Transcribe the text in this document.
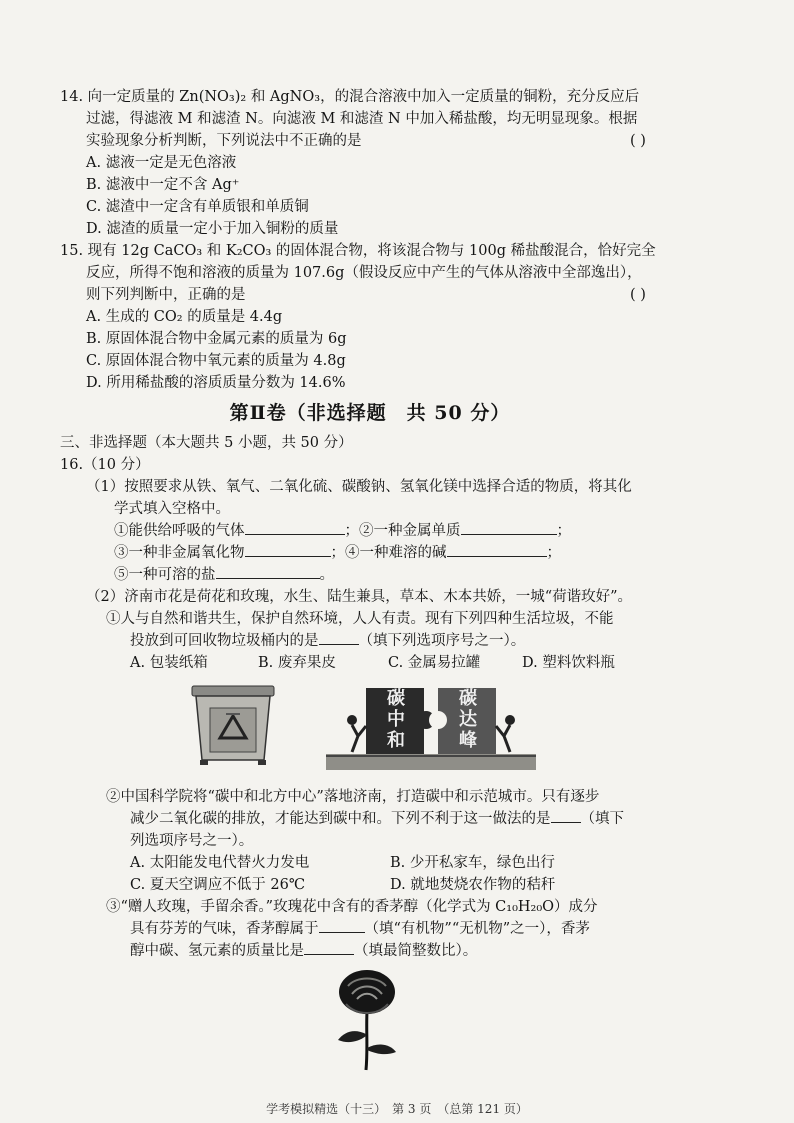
14. 向一定质量的 Zn(NO₃)₂ 和 AgNO₃，的混合溶液中加入一定质量的铜粉，充分反应后
过滤，得滤液 M 和滤渣 N。向滤液 M 和滤渣 N 中加入稀盐酸，均无明显现象。根据
实验现象分析判断，下列说法中不正确的是	( )
A. 滤液一定是无色溶液
B. 滤液中一定不含 Ag⁺
C. 滤渣中一定含有单质银和单质铜
D. 滤渣的质量一定小于加入铜粉的质量
15. 现有 12g CaCO₃ 和 K₂CO₃ 的固体混合物，将该混合物与 100g 稀盐酸混合，恰好完全
反应，所得不饱和溶液的质量为 107.6g（假设反应中产生的气体从溶液中全部逸出），
则下列判断中，正确的是	( )
A. 生成的 CO₂ 的质量是 4.4g
B. 原固体混合物中金属元素的质量为 6g
C. 原固体混合物中氧元素的质量为 4.8g
D. 所用稀盐酸的溶质质量分数为 14.6%
第Ⅱ卷（非选择题　共 50 分）
三、非选择题（本大题共 5 小题，共 50 分）
16.（10 分）
（1）按照要求从铁、氧气、二氧化硫、碳酸钠、氢氧化镁中选择合适的物质，将其化
学式填入空格中。
①能供给呼吸的气体	；②一种金属单质	；
③一种非金属氧化物	；④一种难溶的碱	；
⑤一种可溶的盐	。
（2）济南市花是荷花和玫瑰，水生、陆生兼具，草本、木本共娇，一城“荷谐玫好”。
①人与自然和谐共生，保护自然环境，人人有责。现有下列四种生活垃圾，不能
投放到可回收物垃圾桶内的是	（填下列选项序号之一）。
A. 包装纸箱	B. 废弃果皮	C. 金属易拉罐	D. 塑料饮料瓶
碳
中
和
碳
达
峰
②中国科学院将“碳中和北方中心”落地济南，打造碳中和示范城市。只有逐步
减少二氧化碳的排放，才能达到碳中和。下列不利于这一做法的是 （填下
列选项序号之一）。
A. 太阳能发电代替火力发电	B. 少开私家车，绿色出行
C. 夏天空调应不低于 26℃	D. 就地焚烧农作物的秸秆
③“赠人玫瑰，手留余香。”玫瑰花中含有的香茅醇（化学式为 C₁₀H₂₀O）成分
具有芬芳的气味，香茅醇属于	（填“有机物”“无机物”之一），香茅
醇中碳、氢元素的质量比是	（填最简整数比）。
学考模拟精选（十三）　第 3 页　（总第 121 页）
